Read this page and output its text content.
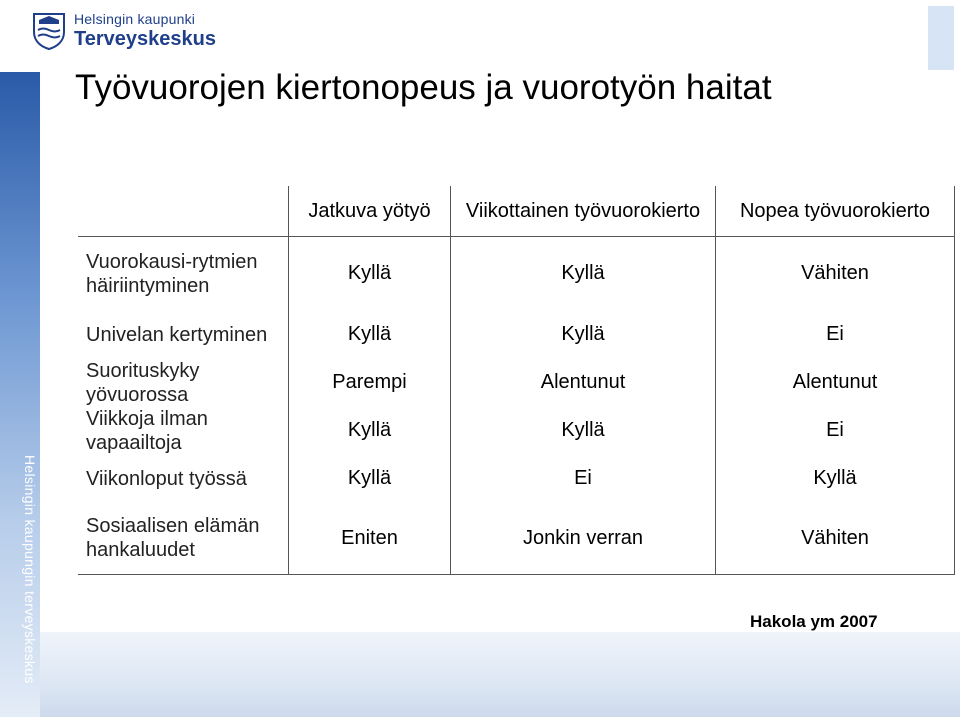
Helsingin kaupunki
Terveyskeskus
Helsingin kaupungin terveyskeskus
Työvuorojen kiertonopeus ja vuorotyön haitat
	Jatkuva yötyö	Viikottainen työvuorokierto	Nopea työvuorokierto
Vuorokausi-rytmien häiriintyminen	Kyllä	Kyllä	Vähiten
Univelan kertyminen	Kyllä	Kyllä	Ei
Suorituskyky yövuorossa	Parempi	Alentunut	Alentunut
Viikkoja ilman vapaailtoja	Kyllä	Kyllä	Ei
Viikonloput työssä	Kyllä	Ei	Kyllä
Sosiaalisen elämän hankaluudet	Eniten	Jonkin verran	Vähiten
Hakola ym 2007
